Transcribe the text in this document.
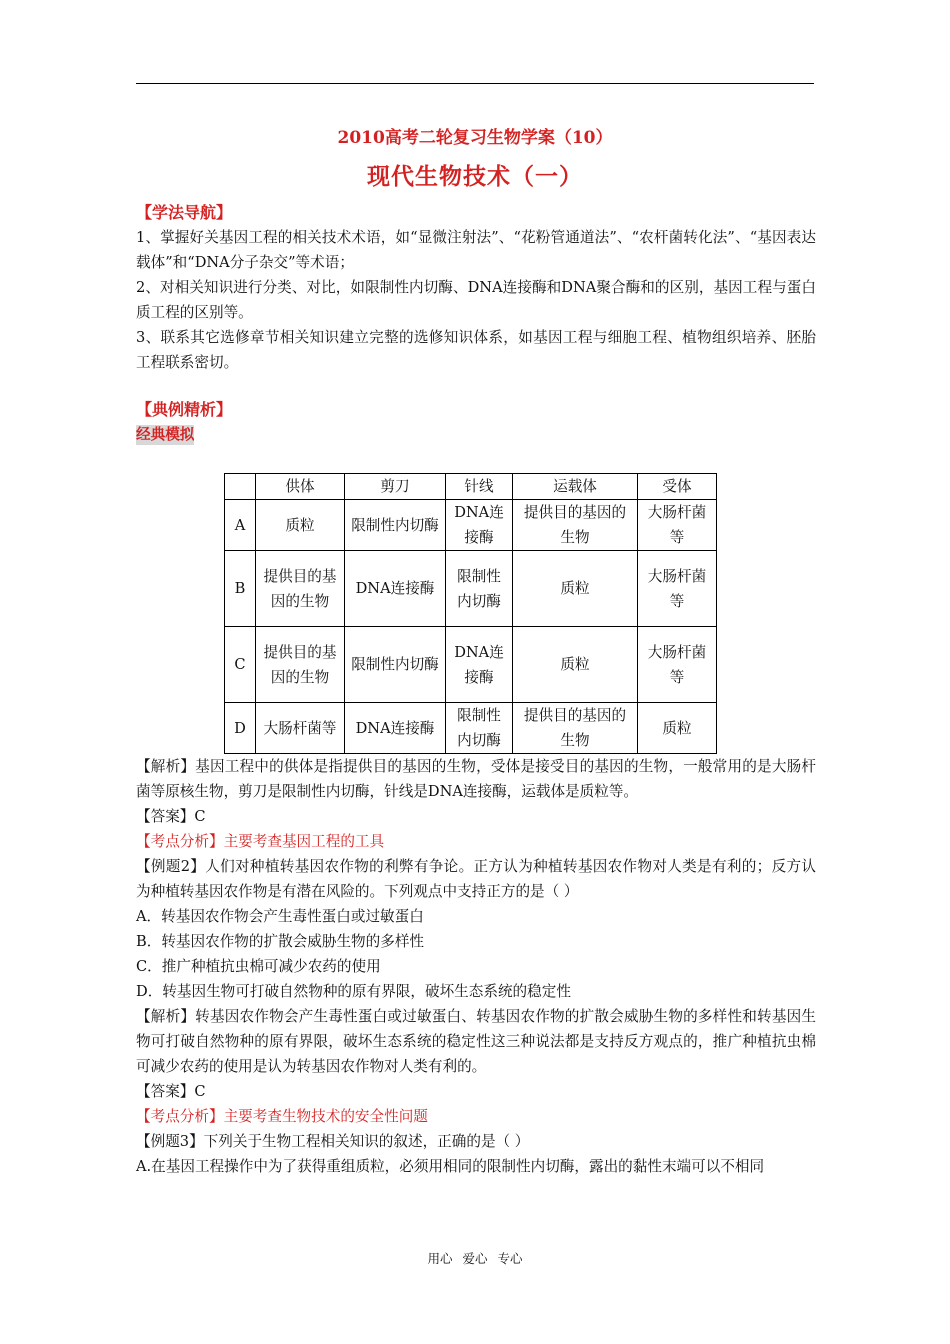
2010高考二轮复习生物学案（10）
现代生物技术（一）
【学法导航】

1、掌握好关基因工程的相关技术术语，如“显微注射法”、“花粉管通道法”、“农杆菌转化法”、“基因表达载体”和“DNA分子杂交”等术语；

2、对相关知识进行分类、对比，如限制性内切酶、DNA连接酶和DNA聚合酶和的区别，基因工程与蛋白质工程的区别等。

3、联系其它选修章节相关知识建立完整的选修知识体系，如基因工程与细胞工程、植物组织培养、胚胎工程联系密切。

【典例精析】
经典模拟
	供体	剪刀	针线	运载体	受体
A	质粒	限制性内切酶	DNA连接酶	提供目的基因的生物	大肠杆菌等
B	提供目的基因的生物	DNA连接酶	限制性内切酶	质粒	大肠杆菌等
C	提供目的基因的生物	限制性内切酶	DNA连接酶	质粒	大肠杆菌等
D	大肠杆菌等	DNA连接酶	限制性内切酶	提供目的基因的生物	质粒

【解析】基因工程中的供体是指提供目的基因的生物，受体是接受目的基因的生物，一般常用的是大肠杆菌等原核生物，剪刀是限制性内切酶，针线是DNA连接酶，运载体是质粒等。

【答案】C

【考点分析】主要考查基因工程的工具

【例题2】人们对种植转基因农作物的利弊有争论。正方认为种植转基因农作物对人类是有利的；反方认为种植转基因农作物是有潜在风险的。下列观点中支持正方的是（ ）

A．转基因农作物会产生毒性蛋白或过敏蛋白

B．转基因农作物的扩散会威胁生物的多样性

C．推广种植抗虫棉可减少农药的使用

D．转基因生物可打破自然物种的原有界限，破坏生态系统的稳定性

【解析】转基因农作物会产生毒性蛋白或过敏蛋白、转基因农作物的扩散会威胁生物的多样性和转基因生物可打破自然物种的原有界限，破坏生态系统的稳定性这三种说法都是支持反方观点的，推广种植抗虫棉可减少农药的使用是认为转基因农作物对人类有利的。

【答案】C

【考点分析】主要考查生物技术的安全性问题

【例题3】下列关于生物工程相关知识的叙述，正确的是（ ）

A.在基因工程操作中为了获得重组质粒，必须用相同的限制性内切酶，露出的黏性末端可以不相同

用心 爱心 专心
